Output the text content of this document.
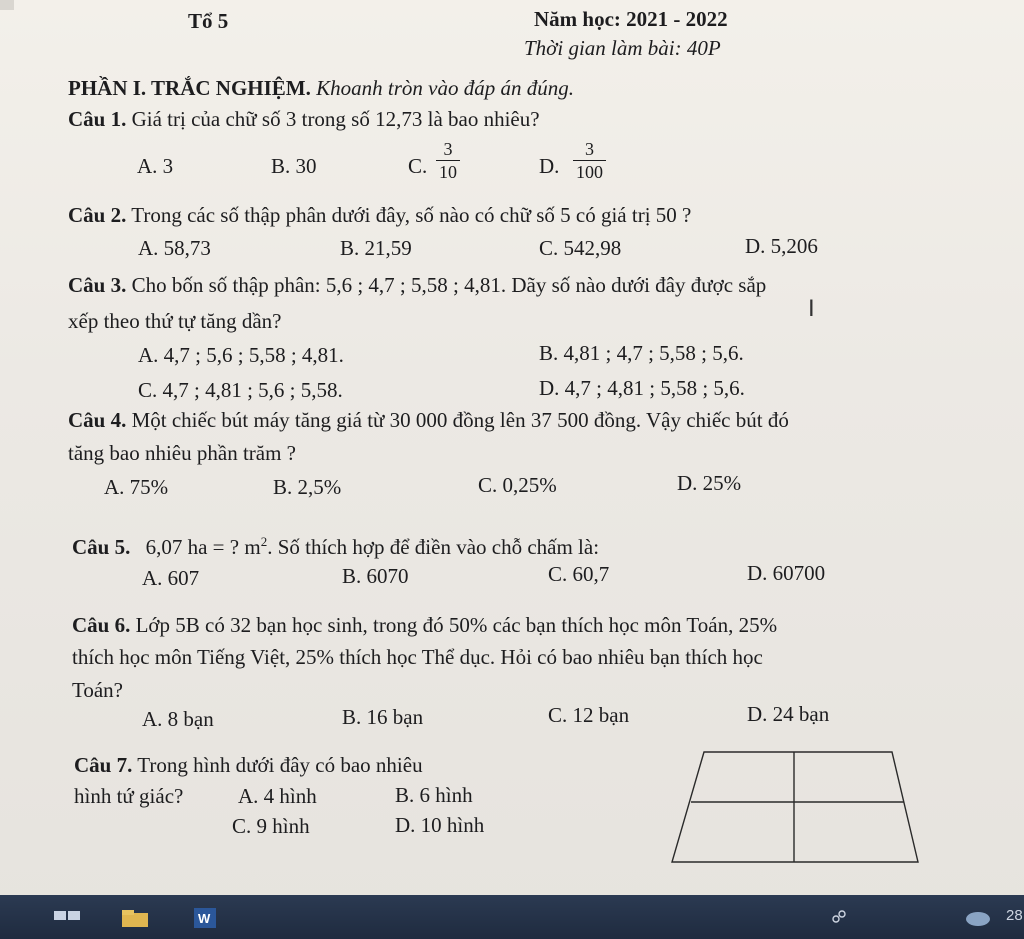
Tổ 5	Năm học: 2021 - 2022
Thời gian làm bài: 40P
PHẦN I. TRẮC NGHIỆM. Khoanh tròn vào đáp án đúng.
Câu 1. Giá trị của chữ số 3 trong số 12,73 là bao nhiêu?
A. 3	B. 30	C. $\frac{3}{10}$	D. $\frac{3}{100}$
Câu 2. Trong các số thập phân dưới đây, số nào có chữ số 5 có giá trị 50 ?
A. 58,73	B. 21,59	C. 542,98	D. 5,206
Câu 3. Cho bốn số thập phân: 5,6 ; 4,7 ; 5,58 ; 4,81. Dãy số nào dưới đây được sắp
xếp theo thứ tự tăng dần?	I
A. 4,7 ; 5,6 ; 5,58 ; 4,81.	B. 4,81 ; 4,7 ; 5,58 ; 5,6.
C. 4,7 ; 4,81 ; 5,6 ; 5,58.	D. 4,7 ; 4,81 ; 5,58 ; 5,6.
Câu 4. Một chiếc bút máy tăng giá từ 30 000 đồng lên 37 500 đồng. Vậy chiếc bút đó
tăng bao nhiêu phần trăm ?
A. 75%	B. 2,5%	C. 0,25%	D. 25%
Câu 5. 6,07 ha = ? $m^2$. Số thích hợp để điền vào chỗ chấm là:
A. 607	B. 6070	C. 60,7	D. 60700
Câu 6. Lớp 5B có 32 bạn học sinh, trong đó 50% các bạn thích học môn Toán, 25%
thích học môn Tiếng Việt, 25% thích học Thể dục. Hỏi có bao nhiêu bạn thích học
Toán?
A. 8 bạn	B. 16 bạn	C. 12 bạn	D. 24 bạn
Câu 7. Trong hình dưới đây có bao nhiêu
hình tứ giác?	A. 4 hình	B. 6 hình
C. 9 hình	D. 10 hình
W	28
